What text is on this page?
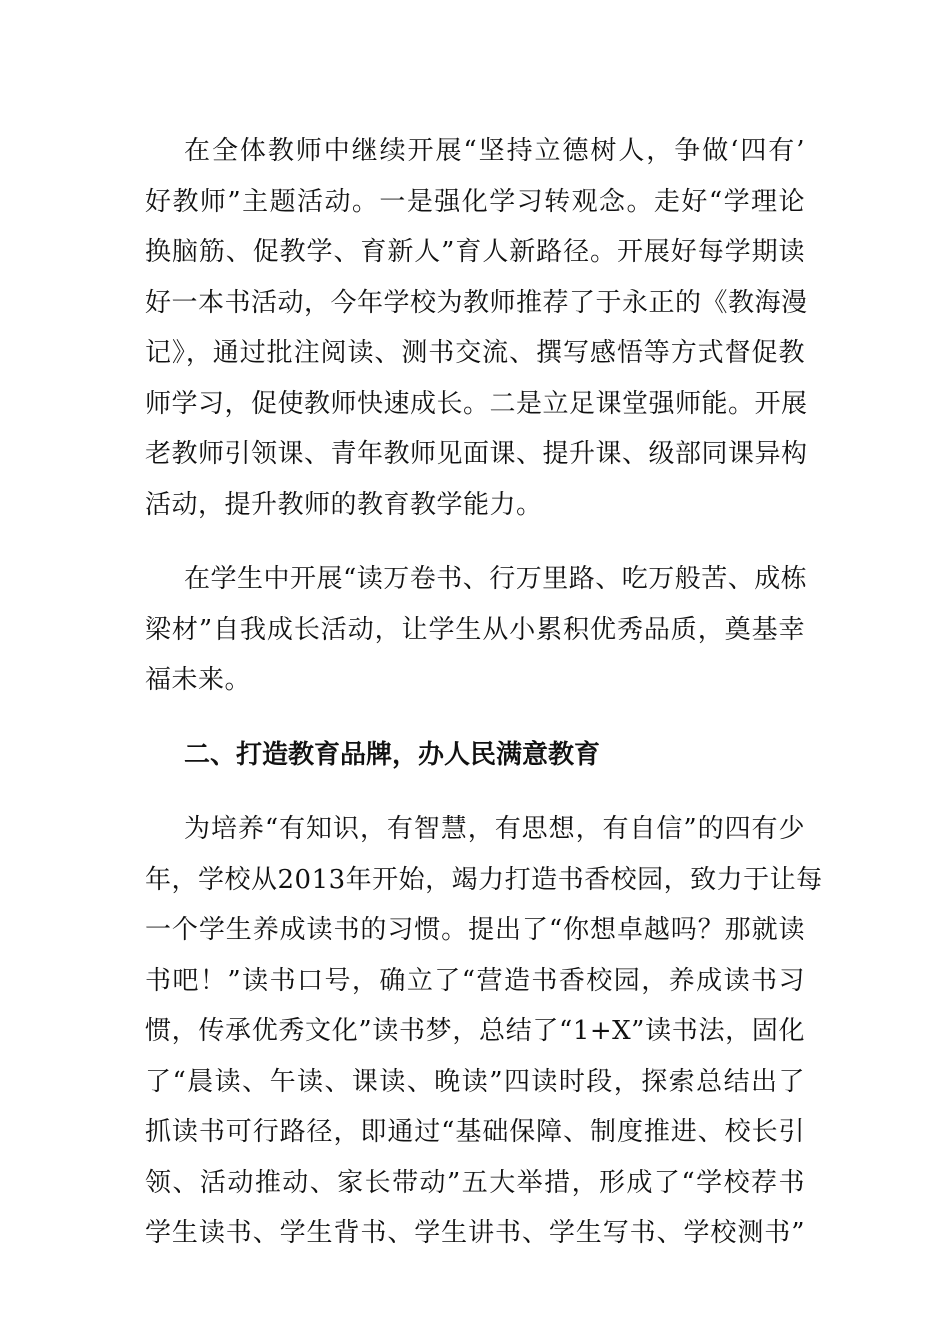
在全体教师中继续开展“坚持立德树人，争做‘四有’
好教师”主题活动。一是强化学习转观念。走好“学理论
换脑筋、促教学、育新人”育人新路径。开展好每学期读
好一本书活动，今年学校为教师推荐了于永正的《教海漫
记》，通过批注阅读、测书交流、撰写感悟等方式督促教
师学习，促使教师快速成长。二是立足课堂强师能。开展
老教师引领课、青年教师见面课、提升课、级部同课异构
活动，提升教师的教育教学能力。

在学生中开展“读万卷书、行万里路、吃万般苦、成栋
梁材”自我成长活动，让学生从小累积优秀品质，奠基幸
福未来。

二、打造教育品牌，办人民满意教育

为培养“有知识，有智慧，有思想，有自信”的四有少
年，学校从2013年开始，竭力打造书香校园，致力于让每
一个学生养成读书的习惯。提出了“你想卓越吗？那就读
书吧！”读书口号，确立了“营造书香校园，养成读书习
惯，传承优秀文化”读书梦，总结了“1+X”读书法，固化
了“晨读、午读、课读、晚读”四读时段，探索总结出了
抓读书可行路径，即通过“基础保障、制度推进、校长引
领、活动推动、家长带动”五大举措，形成了“学校荐书
学生读书、学生背书、学生讲书、学生写书、学校测书”
